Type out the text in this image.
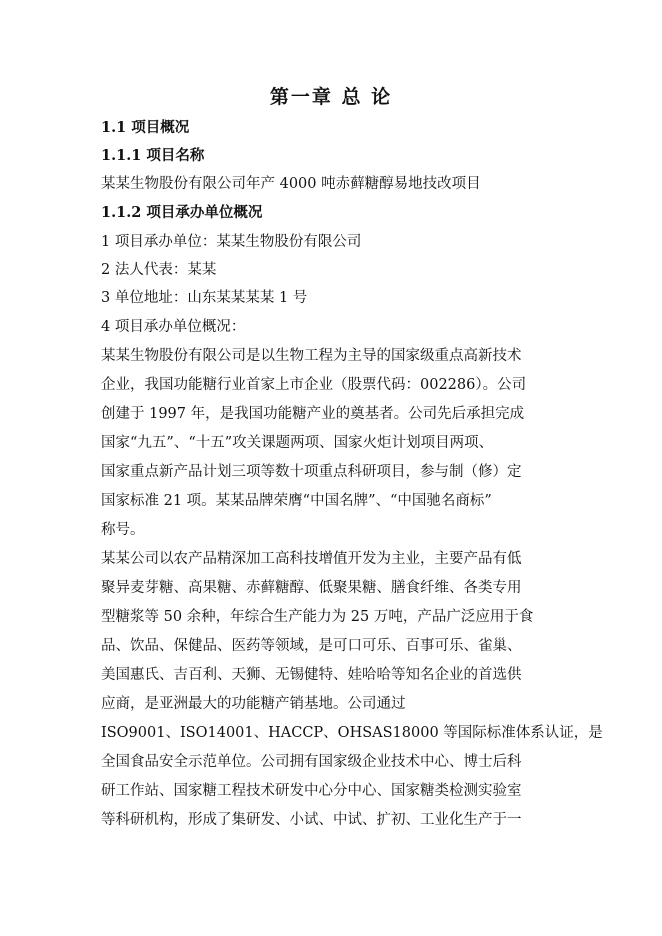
第一章 总 论
1.1 项目概况
1.1.1 项目名称
某某生物股份有限公司年产 4000 吨赤藓糖醇易地技改项目
1.1.2 项目承办单位概况
1 项目承办单位：某某生物股份有限公司
2 法人代表：某某
3 单位地址：山东某某某某 1 号
4 项目承办单位概况：
某某生物股份有限公司是以生物工程为主导的国家级重点高新技术
企业，我国功能糖行业首家上市企业（股票代码：002286）。公司
创建于 1997 年，是我国功能糖产业的奠基者。公司先后承担完成
国家“九五”、“十五”攻关课题两项、国家火炬计划项目两项、
国家重点新产品计划三项等数十项重点科研项目，参与制（修）定
国家标准 21 项。某某品牌荣膺“中国名牌”、“中国驰名商标”
称号。
某某公司以农产品精深加工高科技增值开发为主业，主要产品有低
聚异麦芽糖、高果糖、赤藓糖醇、低聚果糖、膳食纤维、各类专用
型糖浆等 50 余种，年综合生产能力为 25 万吨，产品广泛应用于食
品、饮品、保健品、医药等领域，是可口可乐、百事可乐、雀巢、
美国惠氏、吉百利、天狮、无锡健特、娃哈哈等知名企业的首选供
应商，是亚洲最大的功能糖产销基地。公司通过
ISO9001、ISO14001、HACCP、OHSAS18000 等国际标准体系认证，是
全国食品安全示范单位。公司拥有国家级企业技术中心、博士后科
研工作站、国家糖工程技术研发中心分中心、国家糖类检测实验室
等科研机构，形成了集研发、小试、中试、扩初、工业化生产于一
